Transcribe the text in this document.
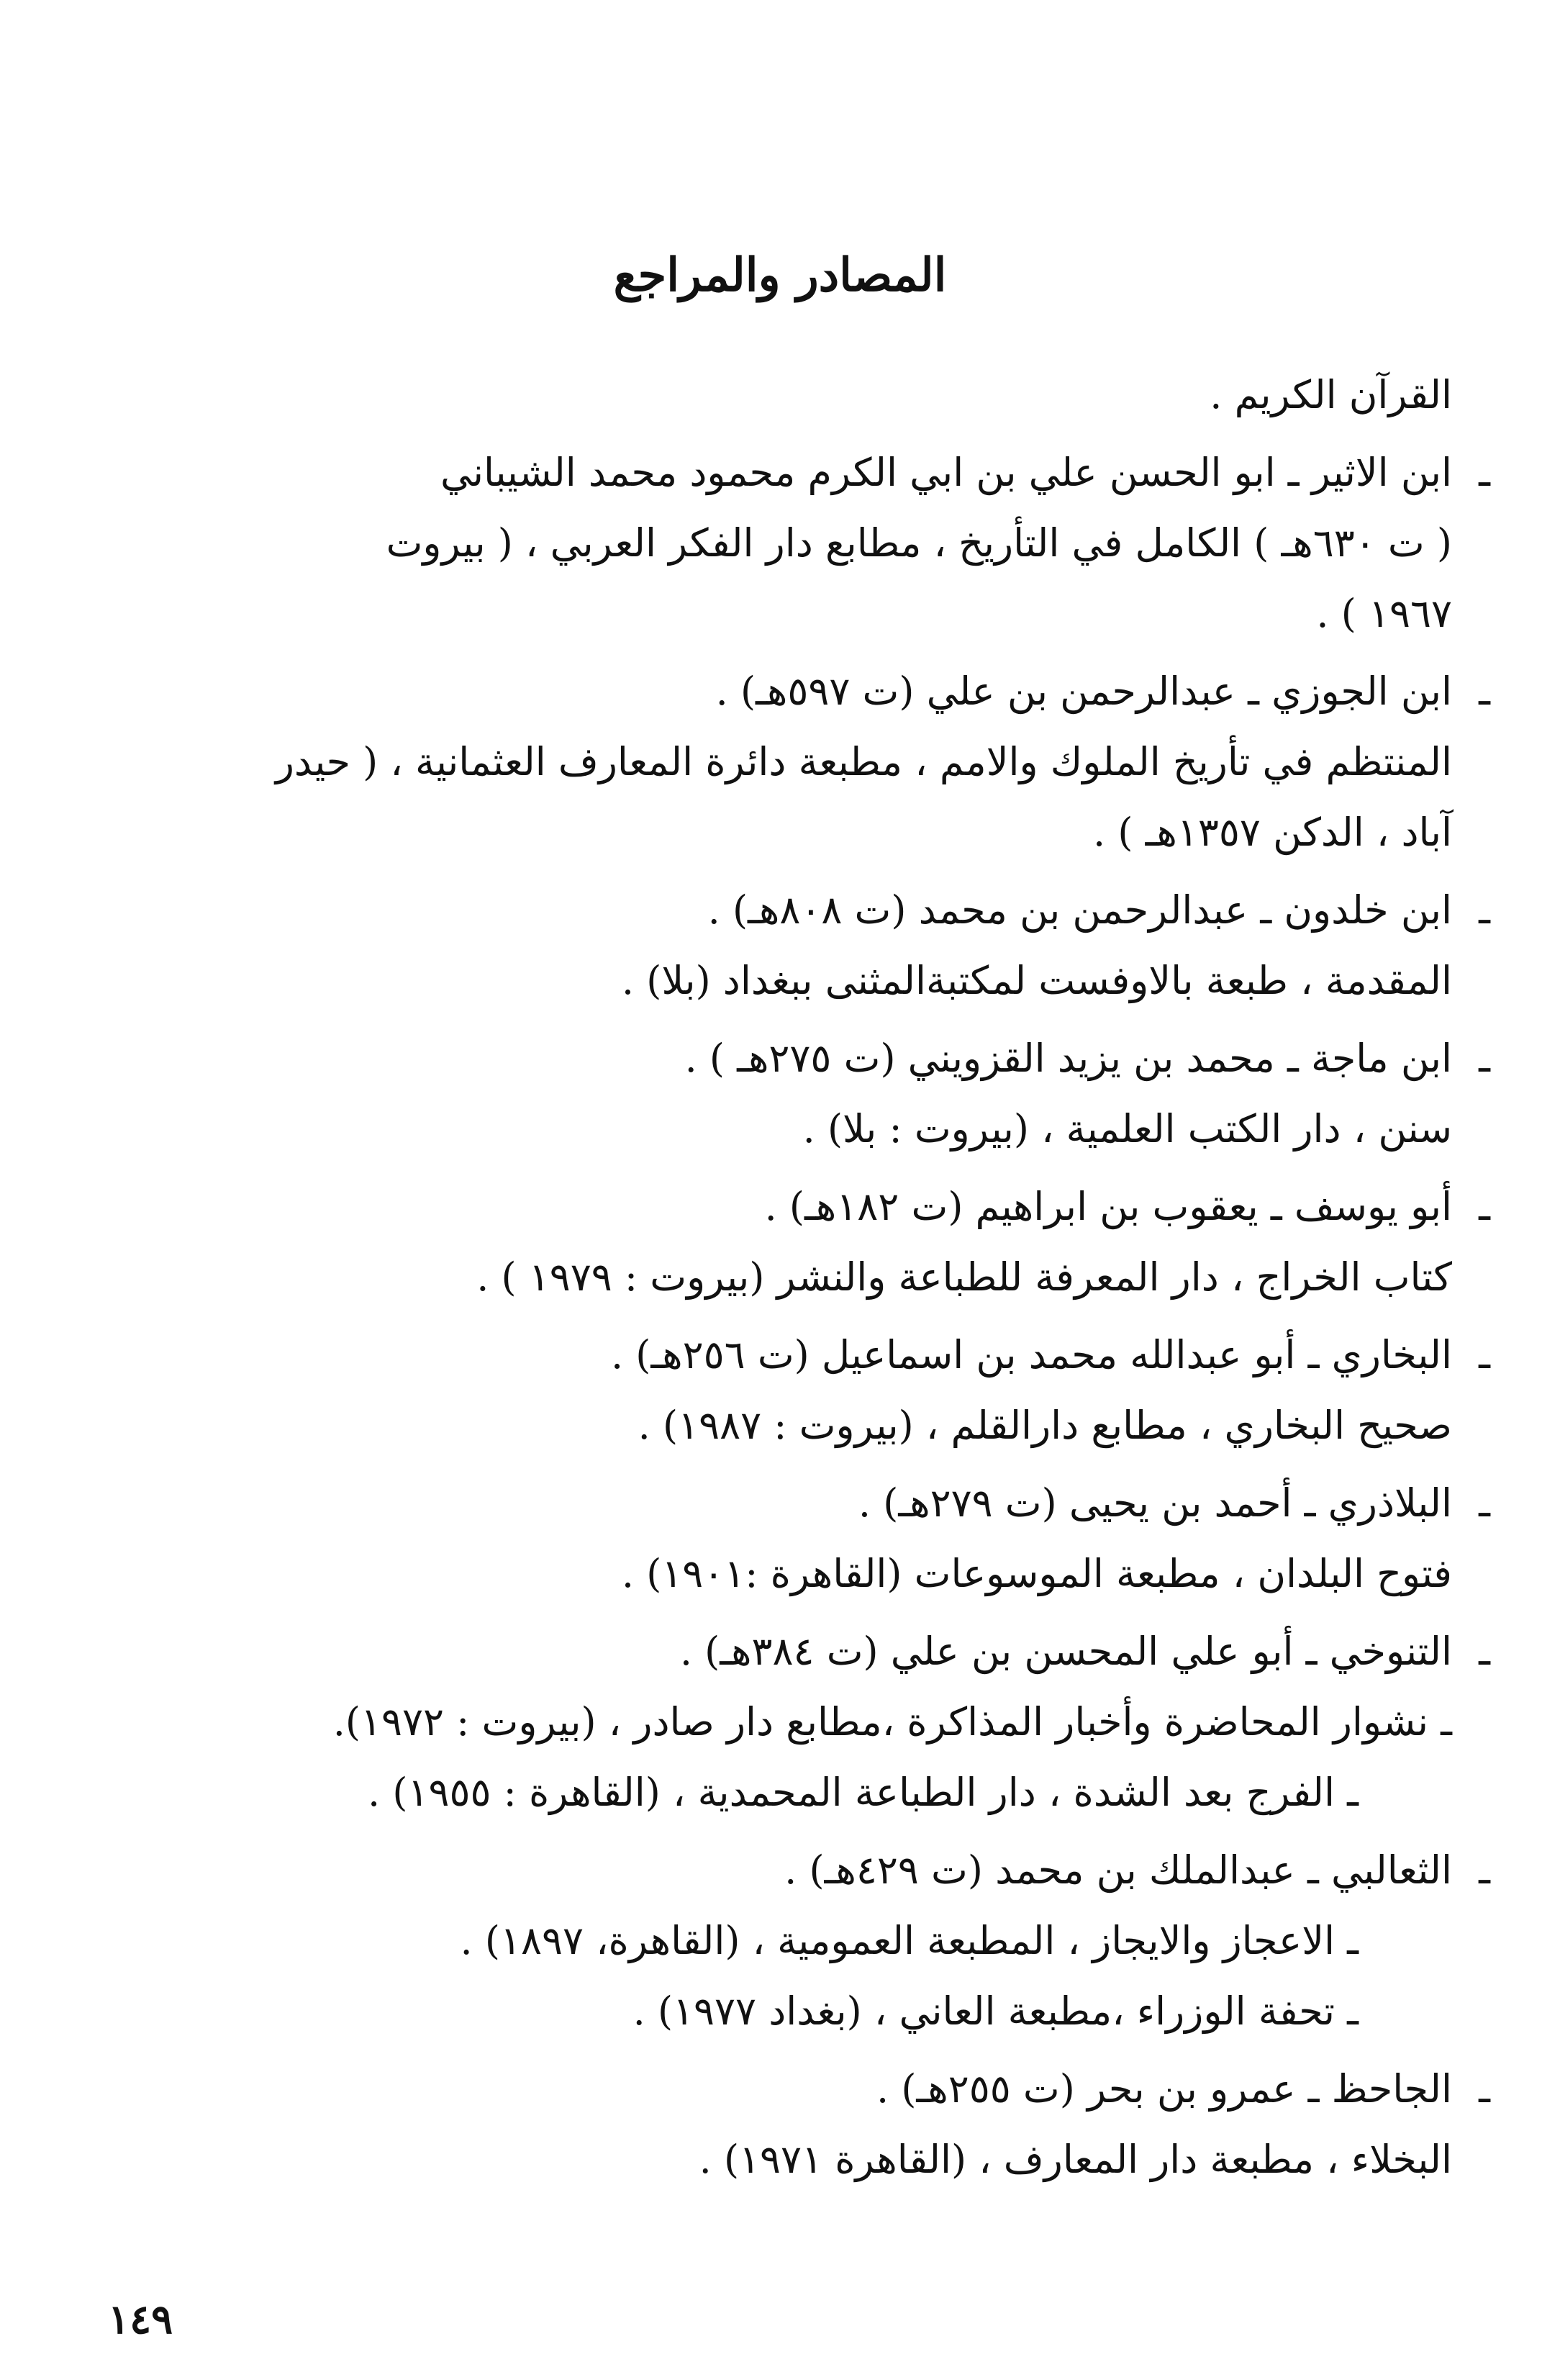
المصادر والمراجع
القرآن الكريم .
ـ
ابن الاثير ـ ابو الحسن علي بن ابي الكرم محمود محمد الشيباني
( ت ٦٣٠هـ ) الكامل في التأريخ ، مطابع دار الفكر العربي ، ( بيروت
١٩٦٧ ) .
ـ
ابن الجوزي ـ عبدالرحمن بن علي (ت ٥٩٧هـ) .
المنتظم في تأريخ الملوك والامم ، مطبعة دائرة المعارف العثمانية ، ( حيدر
آباد ، الدكن ١٣٥٧هـ ) .
ـ
ابن خلدون ـ عبدالرحمن بن محمد (ت ٨٠٨هـ) .
المقدمة ، طبعة بالاوفست لمكتبةالمثنى ببغداد (بلا) .
ـ
ابن ماجة ـ محمد بن يزيد القزويني (ت ٢٧٥هـ ) .
سنن ، دار الكتب العلمية ، (بيروت : بلا) .
ـ
أبو يوسف ـ يعقوب بن ابراهيم (ت ١٨٢هـ) .
كتاب الخراج ، دار المعرفة للطباعة والنشر (بيروت : ١٩٧٩ ) .
ـ
البخاري ـ أبو عبدالله محمد بن اسماعيل (ت ٢٥٦هـ) .
صحيح البخاري ، مطابع دارالقلم ، (بيروت : ١٩٨٧) .
ـ
البلاذري ـ أحمد بن يحيى (ت ٢٧٩هـ) .
فتوح البلدان ، مطبعة الموسوعات (القاهرة :١٩٠١) .
ـ
التنوخي ـ أبو علي المحسن بن علي (ت ٣٨٤هـ) .
ـ نشوار المحاضرة وأخبار المذاكرة ،مطابع دار صادر ، (بيروت : ١٩٧٢).
ـ الفرج بعد الشدة ، دار الطباعة المحمدية ، (القاهرة : ١٩٥٥) .
ـ
الثعالبي ـ عبدالملك بن محمد (ت ٤٢٩هـ) .
ـ الاعجاز والايجاز ، المطبعة العمومية ، (القاهرة، ١٨٩٧) .
ـ تحفة الوزراء ،مطبعة العاني ، (بغداد ١٩٧٧) .
ـ
الجاحظ ـ عمرو بن بحر (ت ٢٥٥هـ) .
البخلاء ، مطبعة دار المعارف ، (القاهرة ١٩٧١) .
١٤٩
